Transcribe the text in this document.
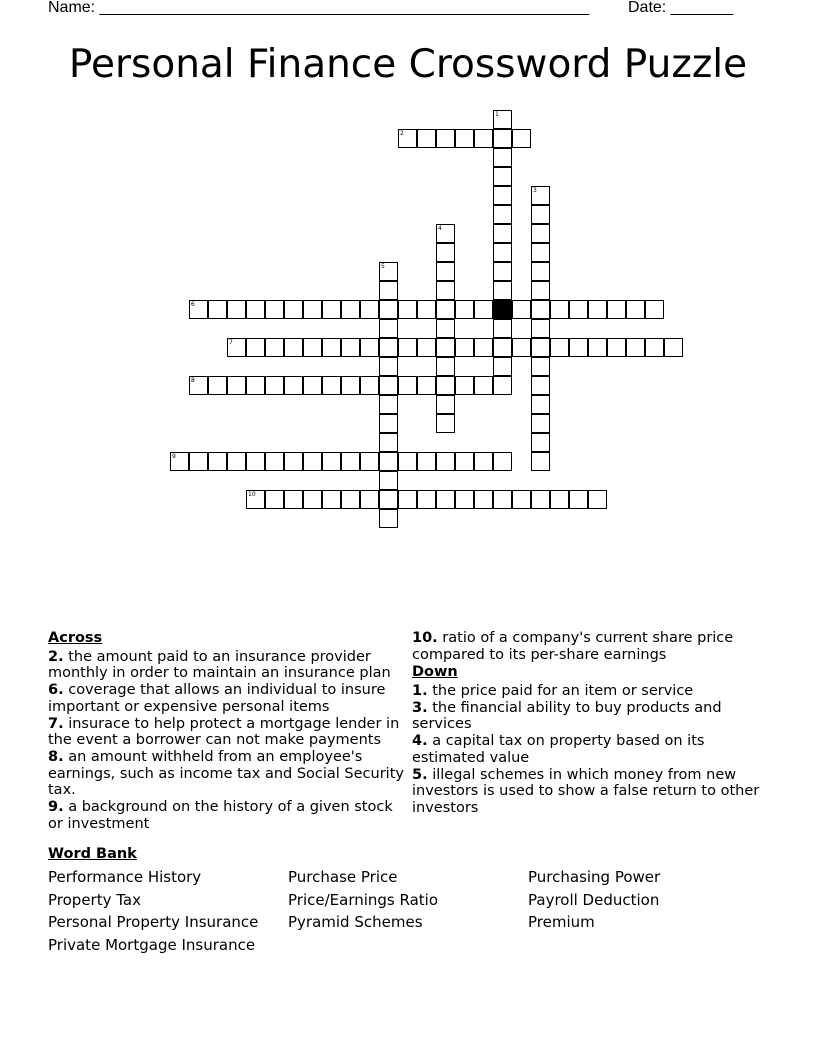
Name: _______________________________________________________ Date: _______
Personal Finance Crossword Puzzle
1
2
3
4
5
6
7
8
9
10
Across
2. the amount paid to an insurance provider monthly in order to maintain an insurance plan
6. coverage that allows an individual to insure important or expensive personal items
7. insurace to help protect a mortgage lender in the event a borrower can not make payments
8. an amount withheld from an employee's earnings, such as income tax and Social Security tax.
9. a background on the history of a given stock or investment
10. ratio of a company's current share price compared to its per-share earnings
Down
1. the price paid for an item or service
3. the financial ability to buy products and services
4. a capital tax on property based on its estimated value
5. illegal schemes in which money from new investors is used to show a false return to other investors
Word Bank
Performance History
Property Tax
Personal Property Insurance
Private Mortgage Insurance
Purchase Price
Price/Earnings Ratio
Pyramid Schemes
Purchasing Power
Payroll Deduction
Premium
